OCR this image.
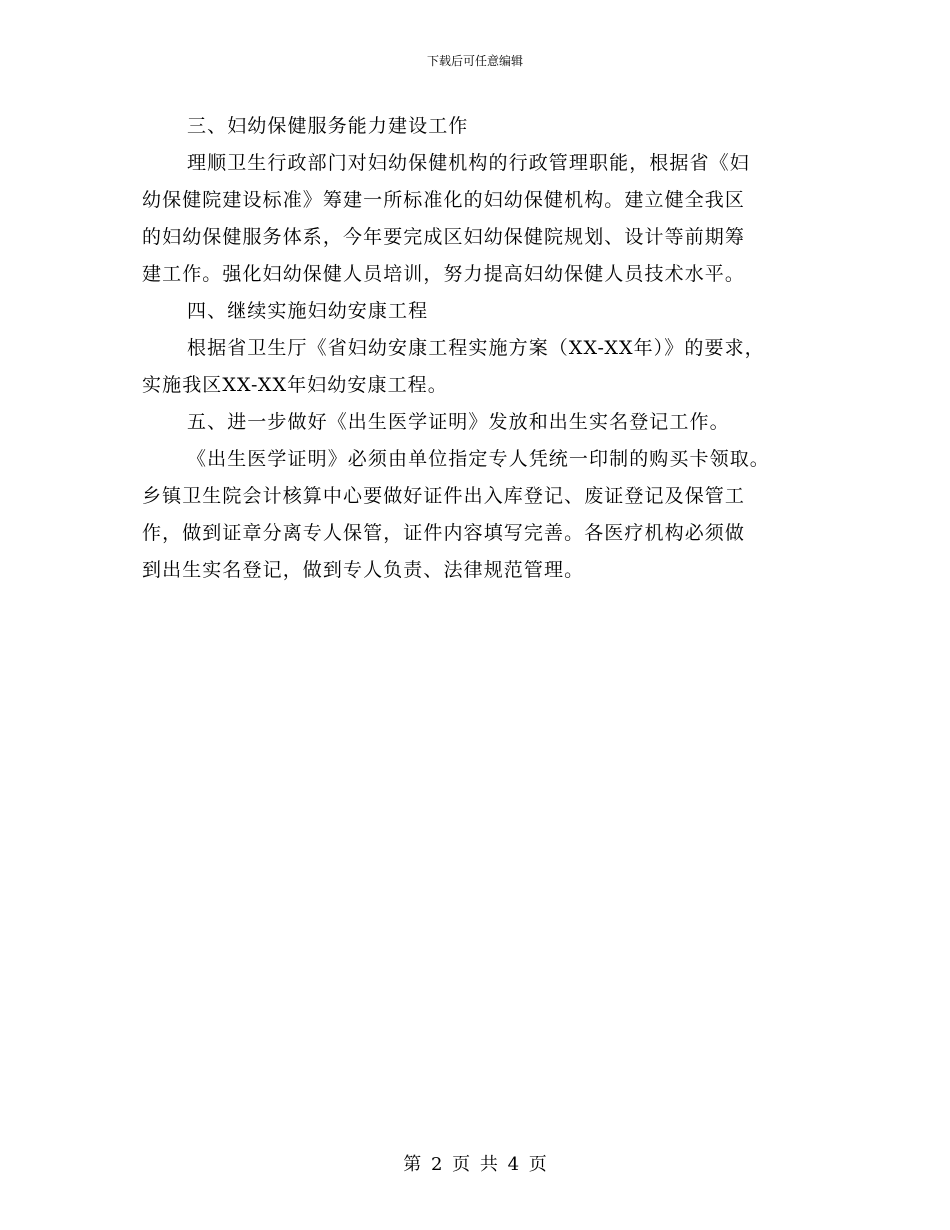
下载后可任意编辑
三、妇幼保健服务能力建设工作
理顺卫生行政部门对妇幼保健机构的行政管理职能，根据省《妇
幼保健院建设标准》筹建一所标准化的妇幼保健机构。建立健全我区
的妇幼保健服务体系，今年要完成区妇幼保健院规划、设计等前期筹
建工作。强化妇幼保健人员培训，努力提高妇幼保健人员技术水平。
四、继续实施妇幼安康工程
根据省卫生厅《省妇幼安康工程实施方案（XX-XX年）》的要求，
实施我区XX-XX年妇幼安康工程。
五、进一步做好《出生医学证明》发放和出生实名登记工作。
《出生医学证明》必须由单位指定专人凭统一印制的购买卡领取。
乡镇卫生院会计核算中心要做好证件出入库登记、废证登记及保管工
作，做到证章分离专人保管，证件内容填写完善。各医疗机构必须做
到出生实名登记，做到专人负责、法律规范管理。
第 2 页 共 4 页
